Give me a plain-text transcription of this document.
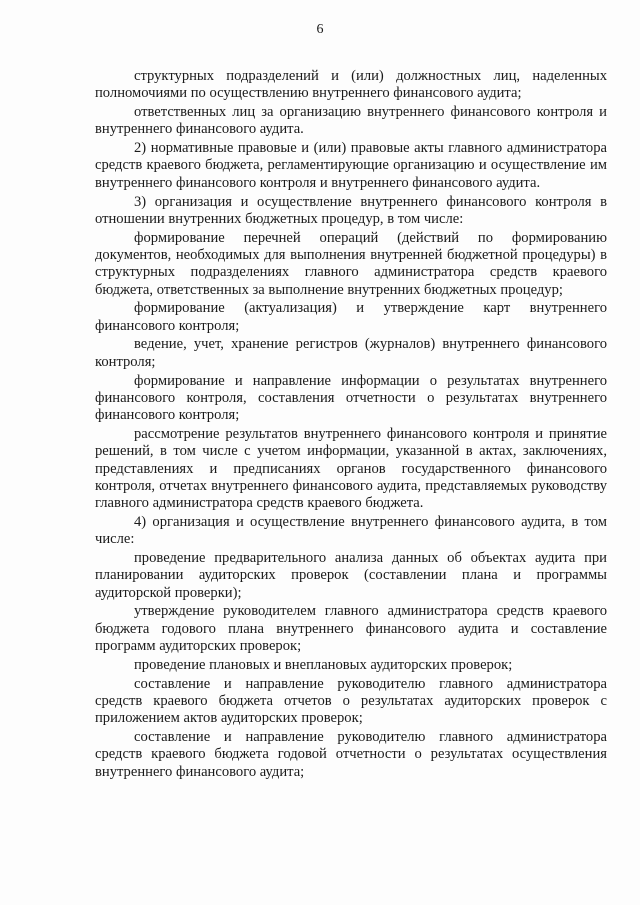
6

структурных подразделений и (или) должностных лиц, наделенных полномочиями по осуществлению внутреннего финансового аудита;

ответственных лиц за организацию внутреннего финансового контроля и внутреннего финансового аудита.

2) нормативные правовые и (или) правовые акты главного администратора средств краевого бюджета, регламентирующие организацию и осуществление им внутреннего финансового контроля и внутреннего финансового аудита.

3) организация и осуществление внутреннего финансового контроля в отношении внутренних бюджетных процедур, в том числе:

формирование перечней операций (действий по формированию документов, необходимых для выполнения внутренней бюджетной процедуры) в структурных подразделениях главного администратора средств краевого бюджета, ответственных за выполнение внутренних бюджетных процедур;

формирование (актуализация) и утверждение карт внутреннего финансового контроля;

ведение, учет, хранение регистров (журналов) внутреннего финансового контроля;

формирование и направление информации о результатах внутреннего финансового контроля, составления отчетности о результатах внутреннего финансового контроля;

рассмотрение результатов внутреннего финансового контроля и принятие решений, в том числе с учетом информации, указанной в актах, заключениях, представлениях и предписаниях органов государственного финансового контроля, отчетах внутреннего финансового аудита, представляемых руководству главного администратора средств краевого бюджета.

4) организация и осуществление внутреннего финансового аудита, в том числе:

проведение предварительного анализа данных об объектах аудита при планировании аудиторских проверок (составлении плана и программы аудиторской проверки);

утверждение руководителем главного администратора средств краевого бюджета годового плана внутреннего финансового аудита и составление программ аудиторских проверок;

проведение плановых и внеплановых аудиторских проверок;

составление и направление руководителю главного администратора средств краевого бюджета отчетов о результатах аудиторских проверок с приложением актов аудиторских проверок;

составление и направление руководителю главного администратора средств краевого бюджета годовой отчетности о результатах осуществления внутреннего финансового аудита;
